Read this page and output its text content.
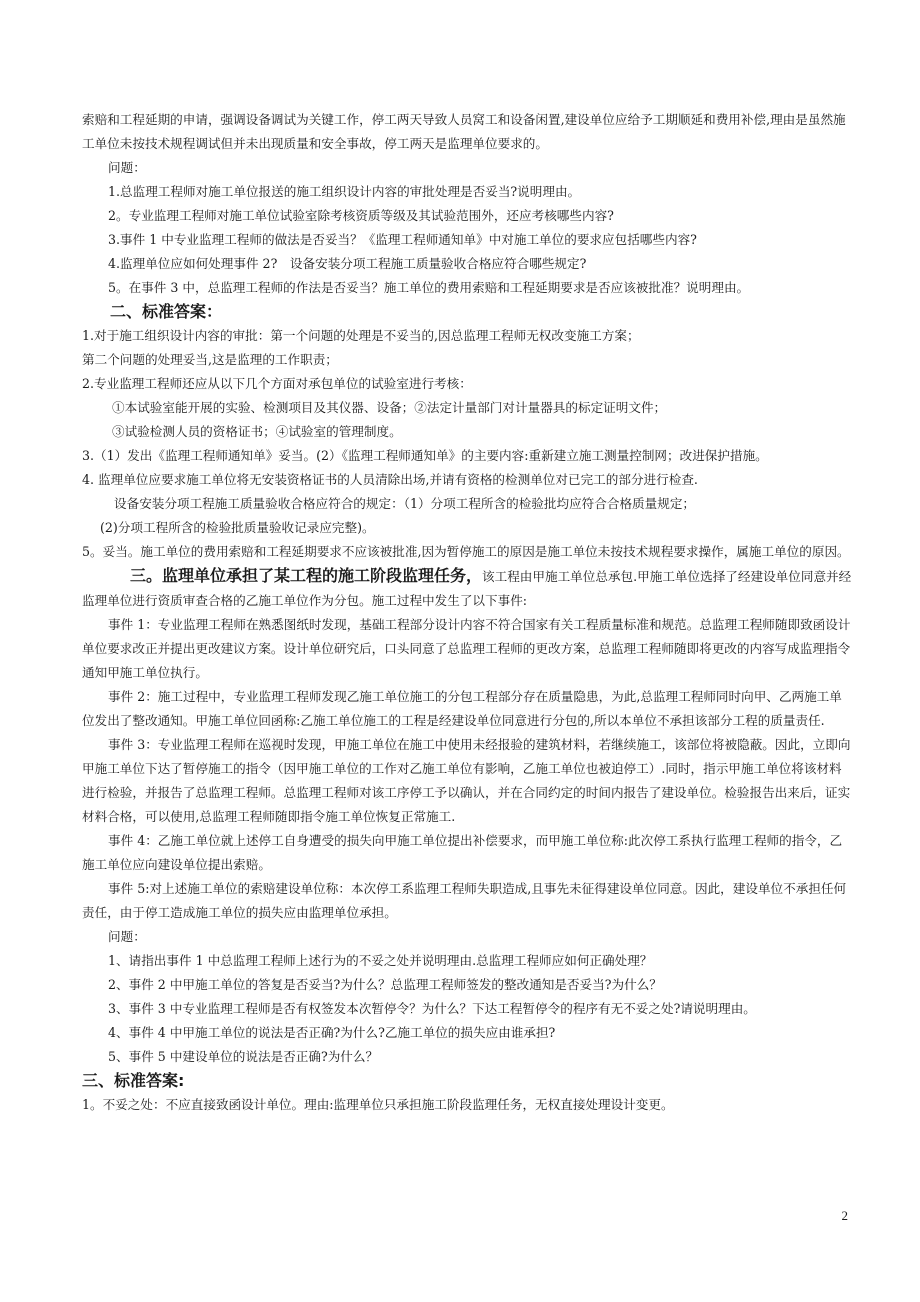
索赔和工程延期的申请，强调设备调试为关键工作，停工两天导致人员窝工和设备闲置,建设单位应给予工期顺延和费用补偿,理由是虽然施工单位未按技术规程调试但并未出现质量和安全事故，停工两天是监理单位要求的。

问题：

1.总监理工程师对施工单位报送的施工组织设计内容的审批处理是否妥当?说明理由。

2。专业监理工程师对施工单位试验室除考核资质等级及其试验范围外，还应考核哪些内容?

3.事件 1 中专业监理工程师的做法是否妥当？《监理工程师通知单》中对施工单位的要求应包括哪些内容?

4.监理单位应如何处理事件 2?　设备安装分项工程施工质量验收合格应符合哪些规定?

5。在事件 3 中，总监理工程师的作法是否妥当？施工单位的费用索赔和工程延期要求是否应该被批准？说明理由。

二、标准答案：

1.对于施工组织设计内容的审批：第一个问题的处理是不妥当的,因总监理工程师无权改变施工方案；

第二个问题的处理妥当,这是监理的工作职责；

2.专业监理工程师还应从以下几个方面对承包单位的试验室进行考核：

①本试验室能开展的实验、检测项目及其仪器、设备；②法定计量部门对计量器具的标定证明文件；

③试验检测人员的资格证书；④试验室的管理制度。

3.（1）发出《监理工程师通知单》妥当。(2）《监理工程师通知单》的主要内容:重新建立施工测量控制网；改进保护措施。

4. 监理单位应要求施工单位将无安装资格证书的人员清除出场,并请有资格的检测单位对已完工的部分进行检查.

设备安装分项工程施工质量验收合格应符合的规定：（1）分项工程所含的检验批均应符合合格质量规定；

(2)分项工程所含的检验批质量验收记录应完整)。

5。妥当。施工单位的费用索赔和工程延期要求不应该被批准,因为暂停施工的原因是施工单位未按技术规程要求操作，属施工单位的原因。

三。监理单位承担了某工程的施工阶段监理任务，该工程由甲施工单位总承包.甲施工单位选择了经建设单位同意并经监理单位进行资质审查合格的乙施工单位作为分包。施工过程中发生了以下事件:

事件 1：专业监理工程师在熟悉图纸时发现，基础工程部分设计内容不符合国家有关工程质量标准和规范。总监理工程师随即致函设计单位要求改正并提出更改建议方案。设计单位研究后，口头同意了总监理工程师的更改方案，总监理工程师随即将更改的内容写成监理指令通知甲施工单位执行。

事件 2：施工过程中，专业监理工程师发现乙施工单位施工的分包工程部分存在质量隐患，为此,总监理工程师同时向甲、乙两施工单位发出了整改通知。甲施工单位回函称:乙施工单位施工的工程是经建设单位同意进行分包的,所以本单位不承担该部分工程的质量责任.

事件 3：专业监理工程师在巡视时发现，甲施工单位在施工中使用未经报验的建筑材料，若继续施工，该部位将被隐蔽。因此，立即向甲施工单位下达了暂停施工的指令（因甲施工单位的工作对乙施工单位有影响，乙施工单位也被迫停工）.同时，指示甲施工单位将该材料进行检验，并报告了总监理工程师。总监理工程师对该工序停工予以确认，并在合同约定的时间内报告了建设单位。检验报告出来后，证实材料合格，可以使用,总监理工程师随即指令施工单位恢复正常施工.

事件 4：乙施工单位就上述停工自身遭受的损失向甲施工单位提出补偿要求，而甲施工单位称:此次停工系执行监理工程师的指令，乙施工单位应向建设单位提出索赔。

事件 5:对上述施工单位的索赔建设单位称：本次停工系监理工程师失职造成,且事先未征得建设单位同意。因此，建设单位不承担任何责任，由于停工造成施工单位的损失应由监理单位承担。

问题：

1、请指出事件 1 中总监理工程师上述行为的不妥之处并说明理由.总监理工程师应如何正确处理？

2、事件 2 中甲施工单位的答复是否妥当?为什么？总监理工程师签发的整改通知是否妥当?为什么？

3、事件 3 中专业监理工程师是否有权签发本次暂停令？为什么？下达工程暂停令的程序有无不妥之处?请说明理由。

4、事件 4 中甲施工单位的说法是否正确?为什么?乙施工单位的损失应由谁承担?

5、事件 5 中建设单位的说法是否正确?为什么？

三、标准答案:

1。不妥之处：不应直接致函设计单位。理由:监理单位只承担施工阶段监理任务，无权直接处理设计变更。

2
